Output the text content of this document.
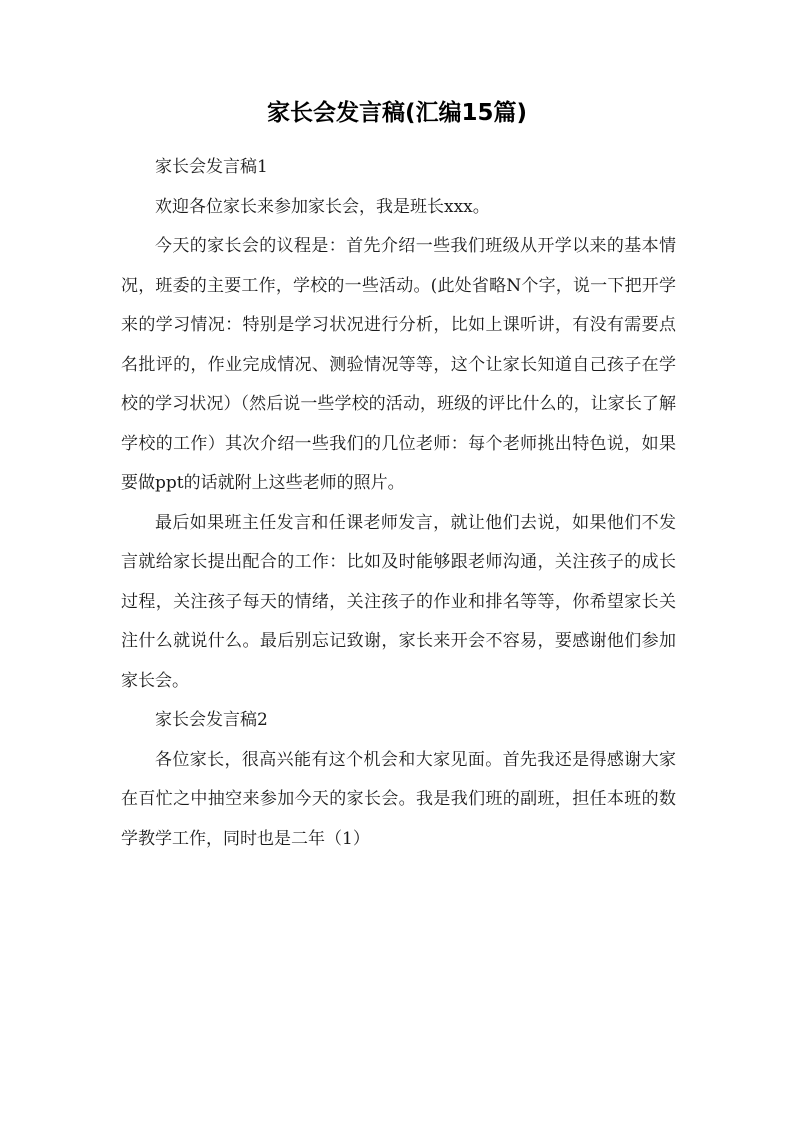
家长会发言稿(汇编15篇)

家长会发言稿1

欢迎各位家长来参加家长会，我是班长xxx。

今天的家长会的议程是：首先介绍一些我们班级从开学以来的基本情况，班委的主要工作，学校的一些活动。(此处省略N个字，说一下把开学来的学习情况：特别是学习状况进行分析，比如上课听讲，有没有需要点名批评的，作业完成情况、测验情况等等，这个让家长知道自己孩子在学校的学习状况）（然后说一些学校的活动，班级的评比什么的，让家长了解学校的工作）其次介绍一些我们的几位老师：每个老师挑出特色说，如果要做ppt的话就附上这些老师的照片。

最后如果班主任发言和任课老师发言，就让他们去说，如果他们不发言就给家长提出配合的工作：比如及时能够跟老师沟通，关注孩子的成长过程，关注孩子每天的情绪，关注孩子的作业和排名等等，你希望家长关注什么就说什么。最后别忘记致谢，家长来开会不容易，要感谢他们参加家长会。

家长会发言稿2

各位家长，很高兴能有这个机会和大家见面。首先我还是得感谢大家在百忙之中抽空来参加今天的家长会。我是我们班的副班，担任本班的数学教学工作，同时也是二年（1）
